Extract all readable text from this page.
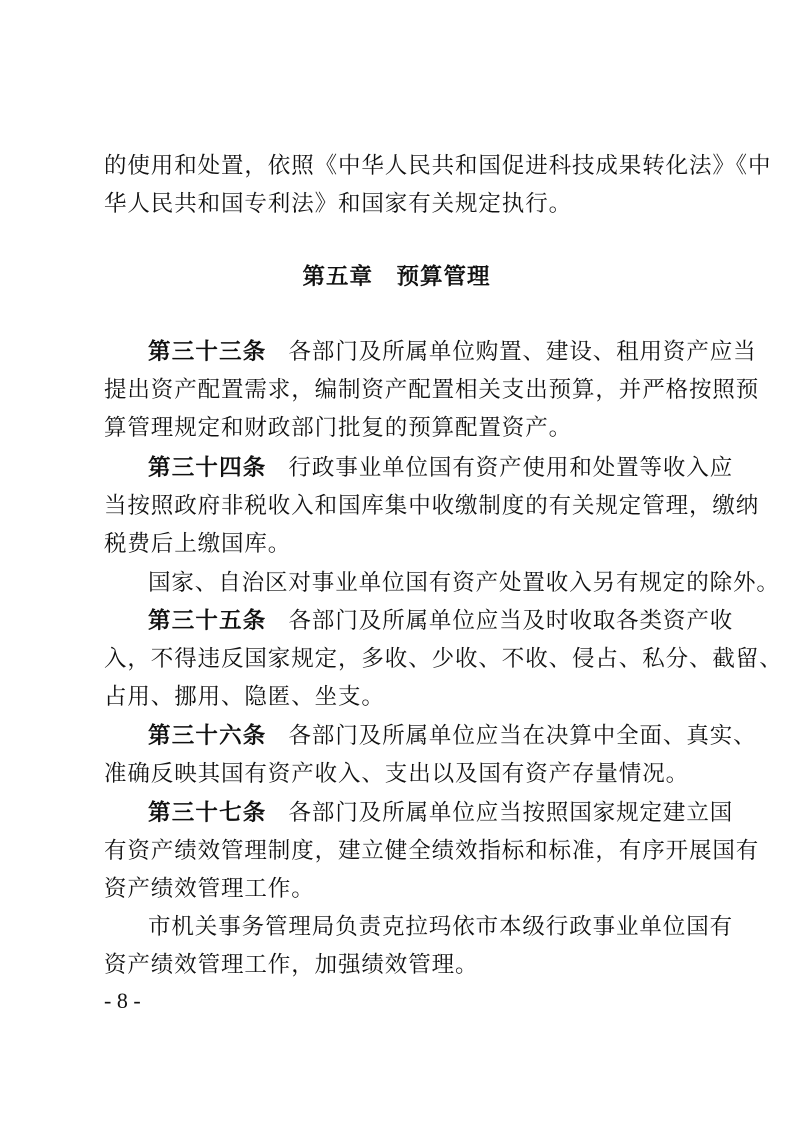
的使用和处置，依照《中华人民共和国促进科技成果转化法》《中
华人民共和国专利法》和国家有关规定执行。
第五章　预算管理
第三十三条 各部门及所属单位购置、建设、租用资产应当
提出资产配置需求，编制资产配置相关支出预算，并严格按照预
算管理规定和财政部门批复的预算配置资产。
第三十四条 行政事业单位国有资产使用和处置等收入应
当按照政府非税收入和国库集中收缴制度的有关规定管理，缴纳
税费后上缴国库。
国家、自治区对事业单位国有资产处置收入另有规定的除外。
第三十五条 各部门及所属单位应当及时收取各类资产收
入，不得违反国家规定，多收、少收、不收、侵占、私分、截留、
占用、挪用、隐匿、坐支。
第三十六条 各部门及所属单位应当在决算中全面、真实、
准确反映其国有资产收入、支出以及国有资产存量情况。
第三十七条 各部门及所属单位应当按照国家规定建立国
有资产绩效管理制度，建立健全绩效指标和标准，有序开展国有
资产绩效管理工作。
市机关事务管理局负责克拉玛依市本级行政事业单位国有
资产绩效管理工作，加强绩效管理。
- 8 -
